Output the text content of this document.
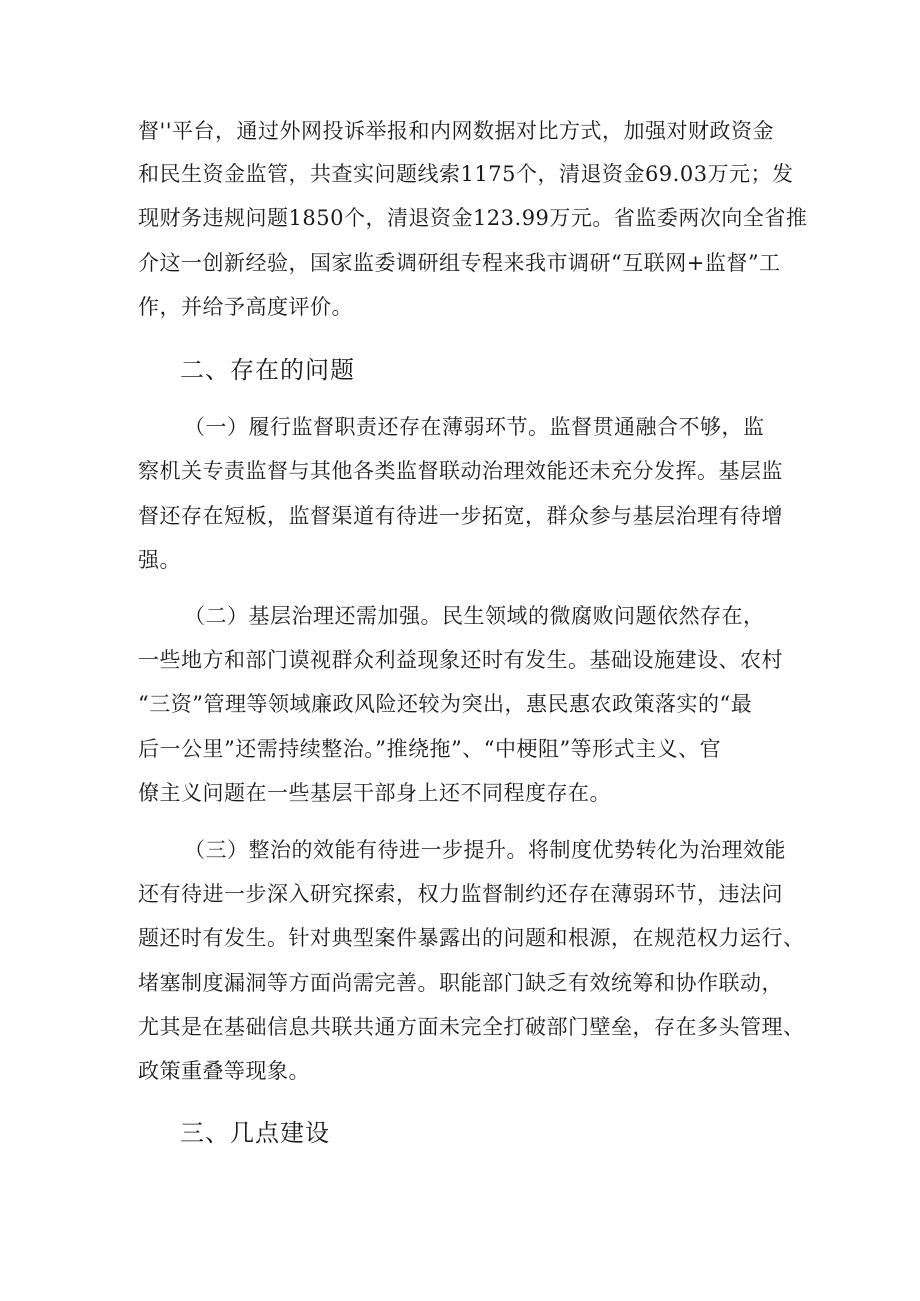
督''平台，通过外网投诉举报和内网数据对比方式，加强对财政资金
和民生资金监管，共查实问题线索1175个，清退资金69.03万元；发
现财务违规问题1850个，清退资金123.99万元。省监委两次向全省推
介这一创新经验，国家监委调研组专程来我市调研“互联网+监督”工
作，并给予高度评价。
二、存在的问题
（一）履行监督职责还存在薄弱环节。监督贯通融合不够，监
察机关专责监督与其他各类监督联动治理效能还未充分发挥。基层监
督还存在短板，监督渠道有待进一步拓宽，群众参与基层治理有待增
强。
（二）基层治理还需加强。民生领域的微腐败问题依然存在，
一些地方和部门谟视群众利益现象还时有发生。基础设施建设、农村
“三资”管理等领域廉政风险还较为突出，惠民惠农政策落实的“最
后一公里”还需持续整治。”推绕拖”、“中梗阻”等形式主义、官
僚主义问题在一些基层干部身上还不同程度存在。
（三）整治的效能有待进一步提升。将制度优势转化为治理效能
还有待进一步深入研究探索，权力监督制约还存在薄弱环节，违法问
题还时有发生。针对典型案件暴露出的问题和根源，在规范权力运行、
堵塞制度漏洞等方面尚需完善。职能部门缺乏有效统筹和协作联动，
尤其是在基础信息共联共通方面未完全打破部门壁垒，存在多头管理、
政策重叠等现象。
三、几点建设
